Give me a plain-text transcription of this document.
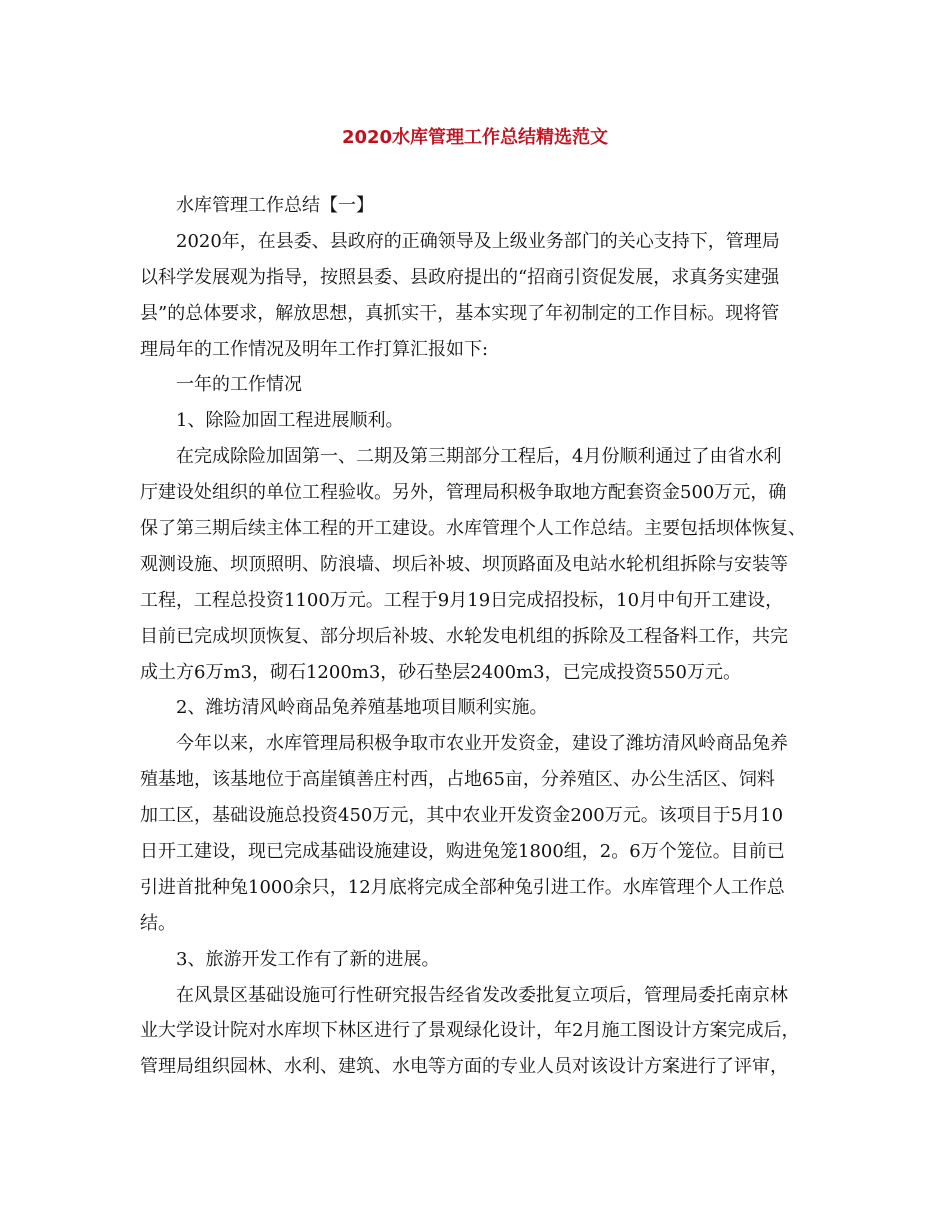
2020水库管理工作总结精选范文
水库管理工作总结【一】
2020年，在县委、县政府的正确领导及上级业务部门的关心支持下，管理局
以科学发展观为指导，按照县委、县政府提出的“招商引资促发展，求真务实建强
县”的总体要求，解放思想，真抓实干，基本实现了年初制定的工作目标。现将管
理局年的工作情况及明年工作打算汇报如下:
一年的工作情况
1、除险加固工程进展顺利。
在完成除险加固第一、二期及第三期部分工程后，4月份顺利通过了由省水利
厅建设处组织的单位工程验收。另外，管理局积极争取地方配套资金500万元，确
保了第三期后续主体工程的开工建设。水库管理个人工作总结。主要包括坝体恢复、
观测设施、坝顶照明、防浪墙、坝后补坡、坝顶路面及电站水轮机组拆除与安装等
工程，工程总投资1100万元。工程于9月19日完成招投标，10月中旬开工建设，
目前已完成坝顶恢复、部分坝后补坡、水轮发电机组的拆除及工程备料工作，共完
成土方6万m3，砌石1200m3，砂石垫层2400m3，已完成投资550万元。
2、潍坊清风岭商品兔养殖基地项目顺利实施。
今年以来，水库管理局积极争取市农业开发资金，建设了潍坊清风岭商品兔养
殖基地，该基地位于高崖镇善庄村西，占地65亩，分养殖区、办公生活区、饲料
加工区，基础设施总投资450万元，其中农业开发资金200万元。该项目于5月10
日开工建设，现已完成基础设施建设，购进兔笼1800组，2。6万个笼位。目前已
引进首批种兔1000余只，12月底将完成全部种兔引进工作。水库管理个人工作总
结。
3、旅游开发工作有了新的进展。
在风景区基础设施可行性研究报告经省发改委批复立项后，管理局委托南京林
业大学设计院对水库坝下林区进行了景观绿化设计，年2月施工图设计方案完成后，
管理局组织园林、水利、建筑、水电等方面的专业人员对该设计方案进行了评审，
